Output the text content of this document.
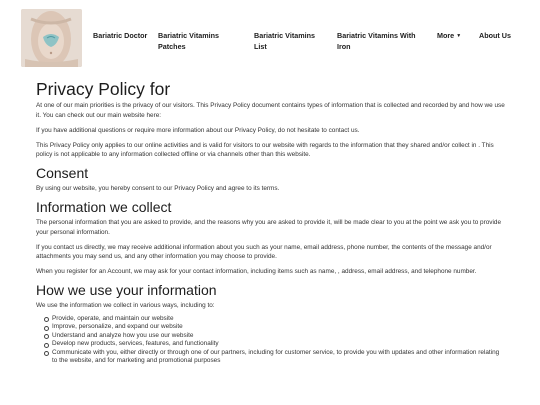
Bariatric Doctor Bariatric Vitamins Patches
Bariatric Vitamins List
Bariatric Vitamins With Iron
More ▼	About Us
Privacy Policy for

At one of our main priorities is the privacy of our visitors. This Privacy Policy document contains types of information that is collected and recorded by and how we use it. You can check out our main website here:

If you have additional questions or require more information about our Privacy Policy, do not hesitate to contact us.

This Privacy Policy only applies to our online activities and is valid for visitors to our website with regards to the information that they shared and/or collect in . This policy is not applicable to any information collected offline or via channels other than this website.

Consent

By using our website, you hereby consent to our Privacy Policy and agree to its terms.

Information we collect

The personal information that you are asked to provide, and the reasons why you are asked to provide it, will be made clear to you at the point we ask you to provide your personal information.

If you contact us directly, we may receive additional information about you such as your name, email address, phone number, the contents of the message and/or attachments you may send us, and any other information you may choose to provide.

When you register for an Account, we may ask for your contact information, including items such as name, , address, email address, and telephone number.

How we use your information

We use the information we collect in various ways, including to:

Provide, operate, and maintain our website
Improve, personalize, and expand our website
Understand and analyze how you use our website
Develop new products, services, features, and functionality
Communicate with you, either directly or through one of our partners, including for customer service, to provide you with updates and other information relating to the website, and for marketing and promotional purposes
